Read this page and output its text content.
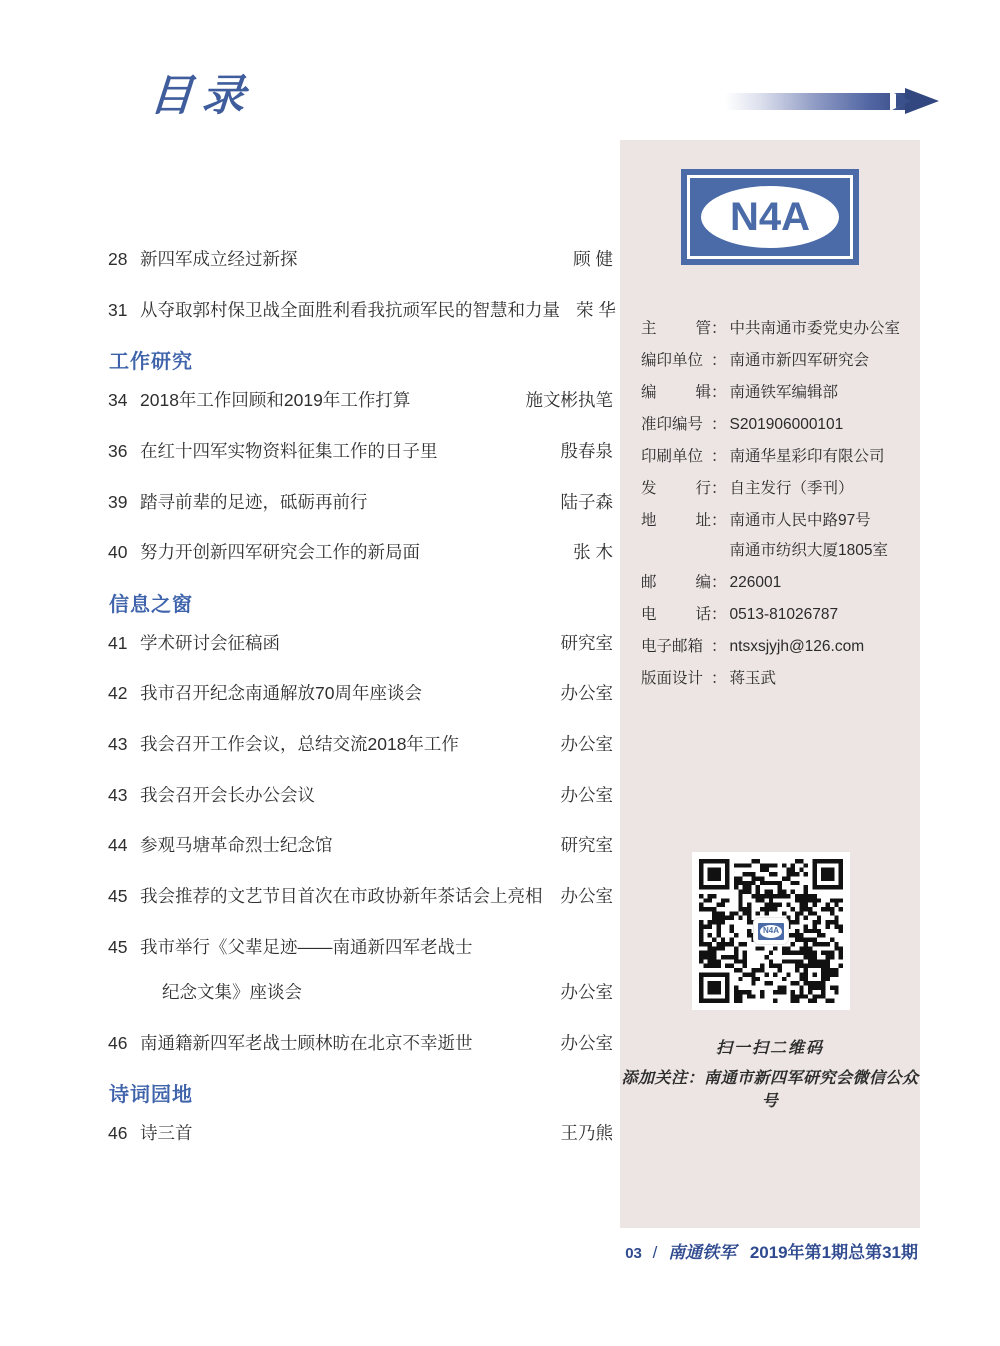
目录
28 新四军成立经过新探	顾 健
31 从夺取郭村保卫战全面胜利看我抗顽军民的智慧和力量 荣 华
工作研究
34 2018年工作回顾和2019年工作打算	施文彬执笔
36 在红十四军实物资料征集工作的日子里	殷春泉
39 踏寻前辈的足迹，砥砺再前行	陆子森
40 努力开创新四军研究会工作的新局面	张 木
信息之窗
41 学术研讨会征稿函	研究室
42 我市召开纪念南通解放70周年座谈会	办公室
43 我会召开工作会议，总结交流2018年工作	办公室
43 我会召开会长办公会议	办公室
44 参观马塘革命烈士纪念馆	研究室
45 我会推荐的文艺节目首次在市政协新年茶话会上亮相 办公室
45 我市举行《父辈足迹——南通新四军老战士
纪念文集》座谈会	办公室
46 南通籍新四军老战士顾林昉在北京不幸逝世	办公室
诗词园地
46 诗三首	王乃熊
N4A
主	管 ： 中共南通市委党史办公室
编印单位 ： 南通市新四军研究会
编	辑 ： 南通铁军编辑部
准印编号 ： S201906000101
印刷单位 ： 南通华星彩印有限公司
发	行 ： 自主发行（季刊）
地	址 ： 南通市人民中路97号
南通市纺织大厦1805室
邮	编 ： 226001
电	话 ： 0513-81026787
电子邮箱 ： ntsxsjyjh@126.com
版面设计 ： 蒋玉武
N4A
扫一扫二维码
添加关注：南通市新四军研究会微信公众号
03 / 南通铁军 2019年第1期总第31期
